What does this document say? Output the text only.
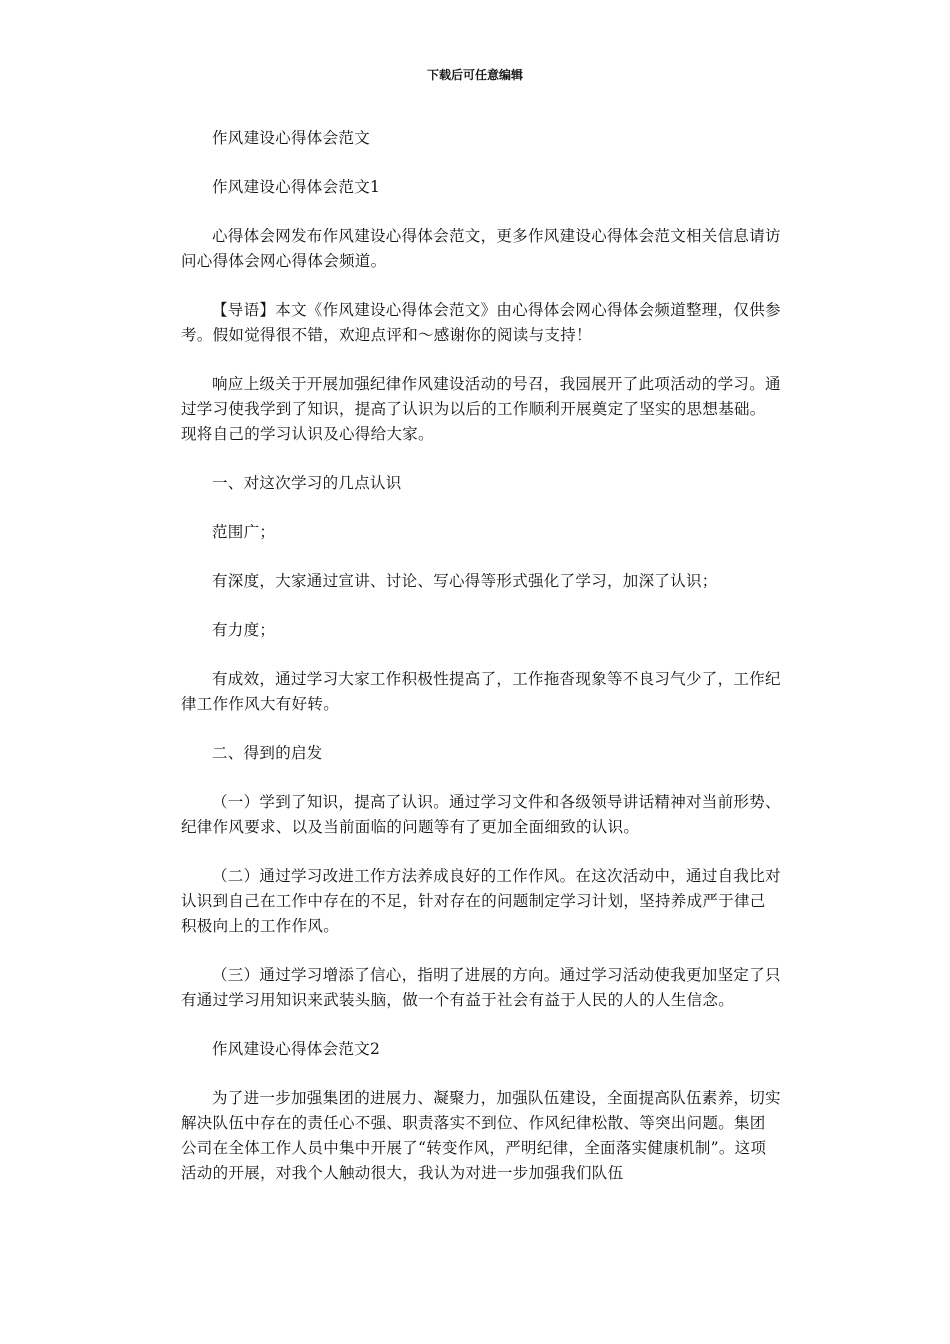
下载后可任意编辑

作风建设心得体会范文

作风建设心得体会范文1

心得体会网发布作风建设心得体会范文，更多作风建设心得体会范文相关信息请访问心得体会网心得体会频道。

【导语】本文《作风建设心得体会范文》由心得体会网心得体会频道整理，仅供参考。假如觉得很不错，欢迎点评和～感谢你的阅读与支持！

响应上级关于开展加强纪律作风建设活动的号召，我园展开了此项活动的学习。通过学习使我学到了知识，提高了认识为以后的工作顺利开展奠定了坚实的思想基础。现将自己的学习认识及心得给大家。

一、对这次学习的几点认识

范围广；

有深度，大家通过宣讲、讨论、写心得等形式强化了学习，加深了认识；

有力度；

有成效，通过学习大家工作积极性提高了，工作拖沓现象等不良习气少了，工作纪律工作作风大有好转。

二、得到的启发

（一）学到了知识，提高了认识。通过学习文件和各级领导讲话精神对当前形势、纪律作风要求、以及当前面临的问题等有了更加全面细致的认识。

（二）通过学习改进工作方法养成良好的工作作风。在这次活动中，通过自我比对认识到自己在工作中存在的不足，针对存在的问题制定学习计划，坚持养成严于律己积极向上的工作作风。

（三）通过学习增添了信心，指明了进展的方向。通过学习活动使我更加坚定了只有通过学习用知识来武装头脑，做一个有益于社会有益于人民的人的人生信念。

作风建设心得体会范文2

为了进一步加强集团的进展力、凝聚力，加强队伍建设，全面提高队伍素养，切实解决队伍中存在的责任心不强、职责落实不到位、作风纪律松散、等突出问题。集团公司在全体工作人员中集中开展了“转变作风，严明纪律，全面落实健康机制”。这项活动的开展，对我个人触动很大，我认为对进一步加强我们队伍
